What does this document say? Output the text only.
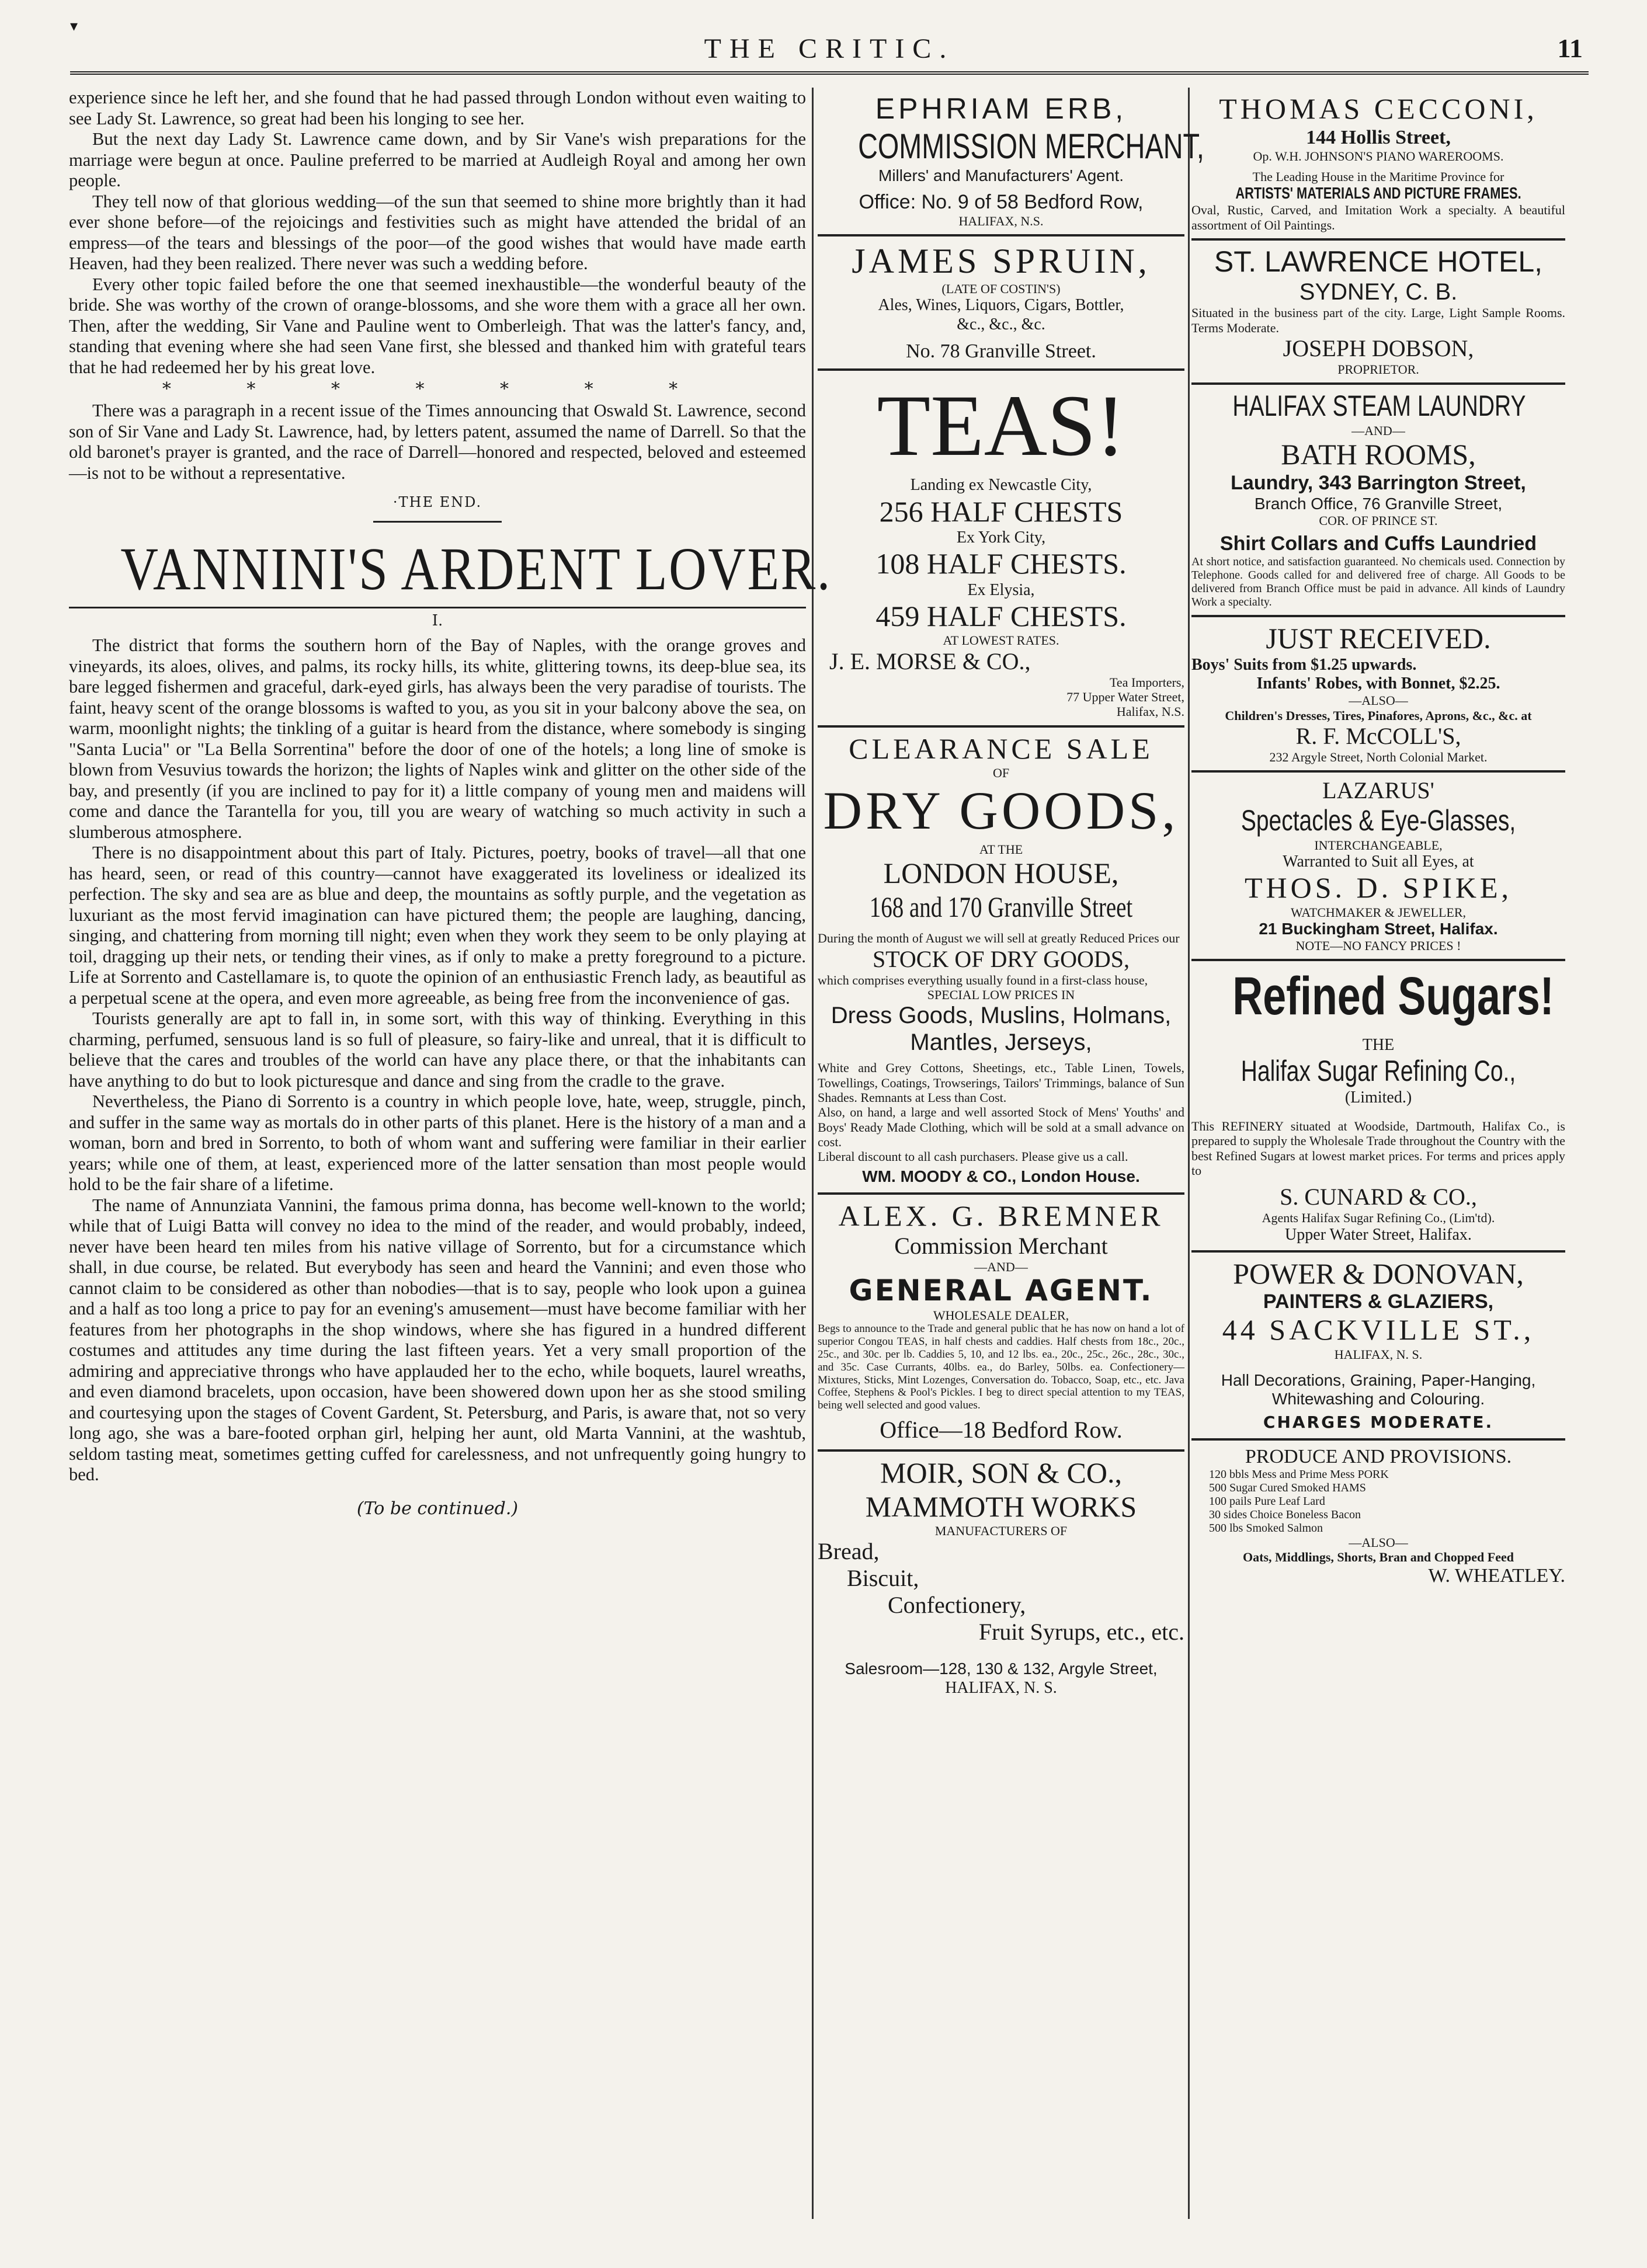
▾
THE CRITIC.	11

experience since he left her, and she found that he had passed through London without even waiting to see Lady St. Lawrence, so great had been his longing to see her.

But the next day Lady St. Lawrence came down, and by Sir Vane's wish preparations for the marriage were begun at once. Pauline preferred to be married at Audleigh Royal and among her own people.

They tell now of that glorious wedding—of the sun that seemed to shine more brightly than it had ever shone before—of the rejoicings and festivities such as might have attended the bridal of an empress—of the tears and blessings of the poor—of the good wishes that would have made earth Heaven, had they been realized. There never was such a wedding before.

Every other topic failed before the one that seemed inexhaustible—the wonderful beauty of the bride. She was worthy of the crown of orange-blossoms, and she wore them with a grace all her own. Then, after the wedding, Sir Vane and Pauline went to Omberleigh. That was the latter's fancy, and, standing that evening where she had seen Vane first, she blessed and thanked him with grateful tears that he had redeemed her by his great love.

* * * * * * *

There was a paragraph in a recent issue of the Times announcing that Oswald St. Lawrence, second son of Sir Vane and Lady St. Lawrence, had, by letters patent, assumed the name of Darrell. So that the old baronet's prayer is granted, and the race of Darrell—honored and respected, beloved and esteemed—is not to be without a representative.

·THE END.
VANNINI'S ARDENT LOVER.
I.

The district that forms the southern horn of the Bay of Naples, with the orange groves and vineyards, its aloes, olives, and palms, its rocky hills, its white, glittering towns, its deep-blue sea, its bare legged fishermen and graceful, dark-eyed girls, has always been the very paradise of tourists. The faint, heavy scent of the orange blossoms is wafted to you, as you sit in your balcony above the sea, on warm, moonlight nights; the tinkling of a guitar is heard from the distance, where somebody is singing "Santa Lucia" or "La Bella Sorrentina" before the door of one of the hotels; a long line of smoke is blown from Vesuvius towards the horizon; the lights of Naples wink and glitter on the other side of the bay, and presently (if you are inclined to pay for it) a little company of young men and maidens will come and dance the Tarantella for you, till you are weary of watching so much activity in such a slumberous atmosphere.

There is no disappointment about this part of Italy. Pictures, poetry, books of travel—all that one has heard, seen, or read of this country—cannot have exaggerated its loveliness or idealized its perfection. The sky and sea are as blue and deep, the mountains as softly purple, and the vegetation as luxuriant as the most fervid imagination can have pictured them; the people are laughing, dancing, singing, and chattering from morning till night; even when they work they seem to be only playing at toil, dragging up their nets, or tending their vines, as if only to make a pretty foreground to a picture. Life at Sorrento and Castellamare is, to quote the opinion of an enthusiastic French lady, as beautiful as a perpetual scene at the opera, and even more agreeable, as being free from the inconvenience of gas.

Tourists generally are apt to fall in, in some sort, with this way of thinking. Everything in this charming, perfumed, sensuous land is so full of pleasure, so fairy-like and unreal, that it is difficult to believe that the cares and troubles of the world can have any place there, or that the inhabitants can have anything to do but to look picturesque and dance and sing from the cradle to the grave.

Nevertheless, the Piano di Sorrento is a country in which people love, hate, weep, struggle, pinch, and suffer in the same way as mortals do in other parts of this planet. Here is the history of a man and a woman, born and bred in Sorrento, to both of whom want and suffering were familiar in their earlier years; while one of them, at least, experienced more of the latter sensation than most people would hold to be the fair share of a lifetime.

The name of Annunziata Vannini, the famous prima donna, has become well-known to the world; while that of Luigi Batta will convey no idea to the mind of the reader, and would probably, indeed, never have been heard ten miles from his native village of Sorrento, but for a circumstance which shall, in due course, be related. But everybody has seen and heard the Vannini; and even those who cannot claim to be considered as other than nobodies—that is to say, people who look upon a guinea and a half as too long a price to pay for an evening's amusement—must have become familiar with her features from her photographs in the shop windows, where she has figured in a hundred different costumes and attitudes any time during the last fifteen years. Yet a very small proportion of the admiring and appreciative throngs who have applauded her to the echo, while boquets, laurel wreaths, and even diamond bracelets, upon occasion, have been showered down upon her as she stood smiling and courtesying upon the stages of Covent Gardent, St. Petersburg, and Paris, is aware that, not so very long ago, she was a bare-footed orphan girl, helping her aunt, old Marta Vannini, at the washtub, seldom tasting meat, sometimes getting cuffed for carelessness, and not unfrequently going hungry to bed.

(To be continued.)
EPHRIAM ERB,
COMMISSION MERCHANT,
Millers' and Manufacturers' Agent.
Office: No. 9 of 58 Bedford Row,
HALIFAX, N.S.
JAMES SPRUIN,
(LATE OF COSTIN'S)
Ales, Wines, Liquors, Cigars, Bottler,
&c., &c., &c.
No. 78 Granville Street.
TEAS!
Landing ex Newcastle City,
256 HALF CHESTS
Ex York City,
108 HALF CHESTS.
Ex Elysia,
459 HALF CHESTS.
AT LOWEST RATES.
J. E. MORSE & CO.,
Tea Importers,
77 Upper Water Street,
Halifax, N.S.
CLEARANCE SALE
OF
DRY GOODS,
AT THE
LONDON HOUSE,
168 and 170 Granville Street
During the month of August we will sell at greatly Reduced Prices our
STOCK OF DRY GOODS,
which comprises everything usually found in a first-class house,
SPECIAL LOW PRICES IN
Dress Goods, Muslins, Holmans, Mantles, Jerseys,
White and Grey Cottons, Sheetings, etc., Table Linen, Towels, Towellings, Coatings, Trowserings, Tailors' Trimmings, balance of Sun Shades. Remnants at Less than Cost.
Also, on hand, a large and well assorted Stock of Mens' Youths' and Boys' Ready Made Clothing, which will be sold at a small advance on cost.
Liberal discount to all cash purchasers. Please give us a call.
WM. MOODY & CO., London House.
ALEX. G. BREMNER
Commission Merchant
—AND—
GENERAL AGENT.
WHOLESALE DEALER,
Begs to announce to the Trade and general public that he has now on hand a lot of superior Congou TEAS, in half chests and caddies. Half chests from 18c., 20c., 25c., and 30c. per lb. Caddies 5, 10, and 12 lbs. ea., 20c., 25c., 26c., 28c., 30c., and 35c. Case Currants, 40lbs. ea., do Barley, 50lbs. ea. Confectionery—Mixtures, Sticks, Mint Lozenges, Conversation do. Tobacco, Soap, etc., etc. Java Coffee, Stephens & Pool's Pickles. I beg to direct special attention to my TEAS, being well selected and good values.
Office—18 Bedford Row.
MOIR, SON & CO.,
MAMMOTH WORKS
MANUFACTURERS OF
Bread,
Biscuit,
Confectionery,
Fruit Syrups, etc., etc.
Salesroom—128, 130 & 132, Argyle Street,
HALIFAX, N. S.
THOMAS CECCONI,
144 Hollis Street,
Op. W.H. JOHNSON'S PIANO WAREROOMS.
The Leading House in the Maritime Province for
ARTISTS' MATERIALS AND PICTURE FRAMES.
Oval, Rustic, Carved, and Imitation Work a specialty. A beautiful assortment of Oil Paintings.
ST. LAWRENCE HOTEL,
SYDNEY, C. B.
Situated in the business part of the city. Large, Light Sample Rooms. Terms Moderate.
JOSEPH DOBSON,
PROPRIETOR.
HALIFAX STEAM LAUNDRY
—AND—
BATH ROOMS,
Laundry, 343 Barrington Street,
Branch Office, 76 Granville Street,
COR. OF PRINCE ST.
Shirt Collars and Cuffs Laundried
At short notice, and satisfaction guaranteed. No chemicals used. Connection by Telephone. Goods called for and delivered free of charge. All Goods to be delivered from Branch Office must be paid in advance. All kinds of Laundry Work a specialty.
JUST RECEIVED.
Boys' Suits from $1.25 upwards.
Infants' Robes, with Bonnet, $2.25.
—ALSO—
Children's Dresses, Tires, Pinafores, Aprons, &c., &c. at
R. F. McCOLL'S,
232 Argyle Street, North Colonial Market.
LAZARUS'
Spectacles & Eye-Glasses,
INTERCHANGEABLE,
Warranted to Suit all Eyes, at
THOS. D. SPIKE,
WATCHMAKER & JEWELLER,
21 Buckingham Street, Halifax.
NOTE—NO FANCY PRICES !
Refined Sugars!
THE
Halifax Sugar Refining Co.,
(Limited.)
This REFINERY situated at Woodside, Dartmouth, Halifax Co., is prepared to supply the Wholesale Trade throughout the Country with the best Refined Sugars at lowest market prices. For terms and prices apply to
S. CUNARD & CO.,
Agents Halifax Sugar Refining Co., (Lim'td).
Upper Water Street, Halifax.
POWER & DONOVAN,
PAINTERS & GLAZIERS,
44 SACKVILLE ST.,
HALIFAX, N. S.
Hall Decorations, Graining, Paper-Hanging, Whitewashing and Colouring.
CHARGES MODERATE.
PRODUCE AND PROVISIONS.
120 bbls Mess and Prime Mess PORK
500 Sugar Cured Smoked HAMS
100 pails Pure Leaf Lard
30 sides Choice Boneless Bacon
500 lbs Smoked Salmon
—ALSO—
Oats, Middlings, Shorts, Bran and Chopped Feed
W. WHEATLEY.
